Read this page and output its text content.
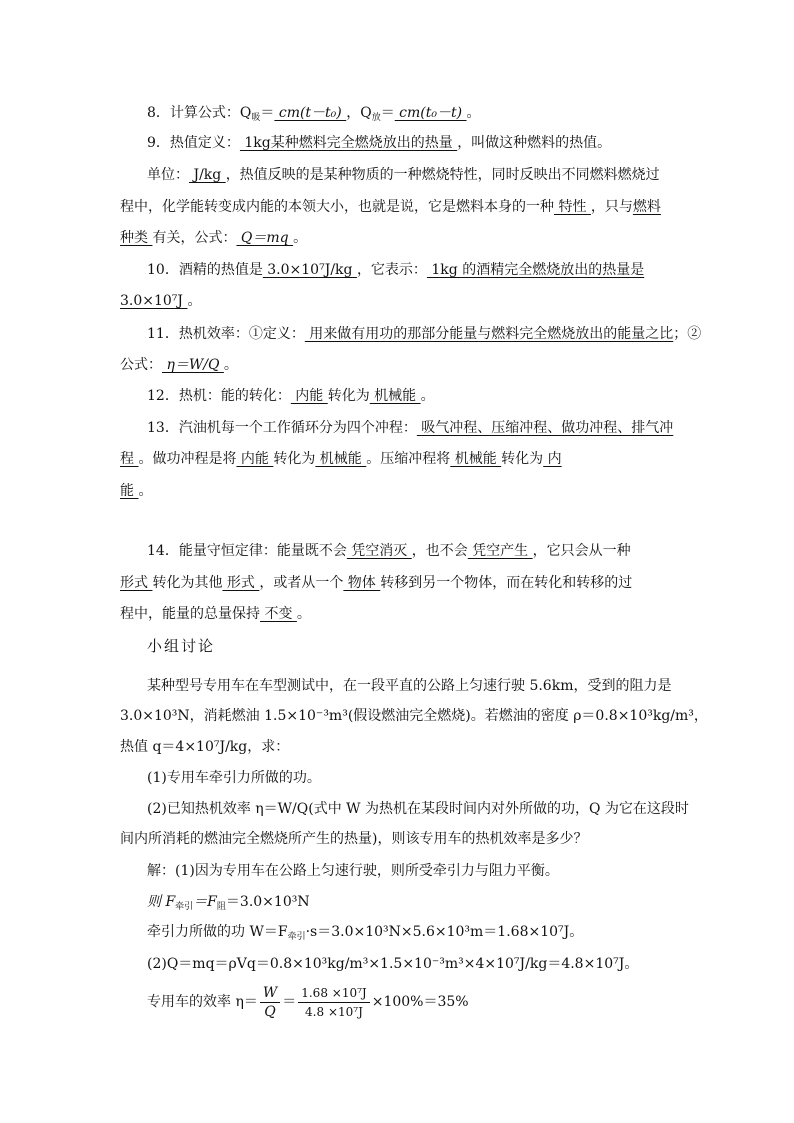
8．计算公式：$Q_吸= cm(t-t_0)$ ，$Q_放= cm(t_0-t)$ 。
9．热值定义： 1kg某种燃料完全燃烧放出的热量 ，叫做这种燃料的热值。
单位： J/kg ，热值反映的是某种物质的一种燃烧特性，同时反映出不同燃料燃烧过
程中，化学能转变成内能的本领大小，也就是说，它是燃料本身的一种 特性 ，只与燃料
种类 有关，公式： Q＝mq 。
10．酒精的热值是 3.0×10⁷J/kg ，它表示： 1kg 的酒精完全燃烧放出的热量是
3.0×10⁷J 。
11．热机效率：①定义： 用来做有用功的那部分能量与燃料完全燃烧放出的能量之比；②
公式： η＝W/Q 。
12．热机：能的转化： 内能 转化为 机械能 。
13．汽油机每一个工作循环分为四个冲程： 吸气冲程、压缩冲程、做功冲程、排气冲
程 。做功冲程是将 内能 转化为 机械能 。压缩冲程将 机械能 转化为 内
能 。
14．能量守恒定律：能量既不会 凭空消灭 ，也不会 凭空产生 ，它只会从一种
形式 转化为其他 形式 ，或者从一个 物体 转移到另一个物体，而在转化和转移的过
程中，能量的总量保持 不变 。
小组讨论
某种型号专用车在车型测试中，在一段平直的公路上匀速行驶 5.6km，受到的阻力是
3.0×10³N，消耗燃油 1.5×10⁻³m³(假设燃油完全燃烧)。若燃油的密度 ρ＝0.8×10³kg/m³，
热值 q＝4×10⁷J/kg，求：
(1)专用车牵引力所做的功。
(2)已知热机效率 η＝W/Q(式中 W 为热机在某段时间内对外所做的功，Q 为它在这段时
间内所消耗的燃油完全燃烧所产生的热量)，则该专用车的热机效率是多少？
解：(1)因为专用车在公路上匀速行驶，则所受牵引力与阻力平衡。
则 $F_{牵引}=F_阻=3.0\times 10^3N$
牵引力所做的功 $W=F_{牵引}\cdot s=3.0\times 10^3N\times 5.6\times 10^3m=1.68\times 10^7J$。
(2)Q＝mq＝ρVq＝0.8×10³kg/m³×1.5×10⁻³m³×4×10⁷J/kg＝4.8×10⁷J。
专用车的效率 $\eta= \frac{W}{Q} = \frac{\text{1.68 ×10⁷J}}{\text{4.8 ×10⁷J}} \times 100\%=35\%$
